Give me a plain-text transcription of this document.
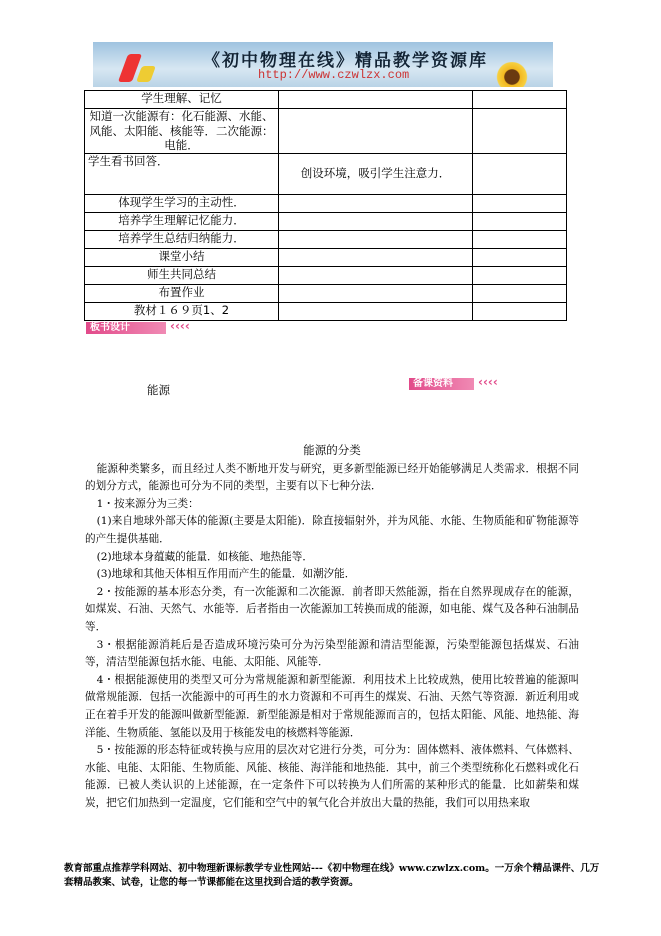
《初中物理在线》精品教学资源库
http://www.czwlzx.com
学生理解、记忆		
知道一次能源有：化石能源、水能、风能、太阳能、核能等．二次能源：电能．		
学生看书回答．	创设环境，吸引学生注意力．	
体现学生学习的主动性．		
培养学生理解记忆能力．		
培养学生总结归纳能力．		
课堂小结		
师生共同总结		
布置作业		
教材１６９页1、2		
板书设计	‹‹‹‹
能源	备课资料	‹‹‹‹
能源的分类

能源种类繁多，而且经过人类不断地开发与研究，更多新型能源已经开始能够满足人类需求．根据不同的划分方式，能源也可分为不同的类型，主要有以下七种分法．

1・按来源分为三类：

(1)来自地球外部天体的能源(主要是太阳能)．除直接辐射外，并为风能、水能、生物质能和矿物能源等的产生提供基础．

(2)地球本身蕴藏的能量．如核能、地热能等．

(3)地球和其他天体相互作用而产生的能量．如潮汐能．

2・按能源的基本形态分类，有一次能源和二次能源．前者即天然能源，指在自然界现成存在的能源，如煤炭、石油、天然气、水能等．后者指由一次能源加工转换而成的能源，如电能、煤气及各种石油制品等．

3・根据能源消耗后是否造成环境污染可分为污染型能源和清洁型能源，污染型能源包括煤炭、石油等，清洁型能源包括水能、电能、太阳能、风能等．

4・根据能源使用的类型又可分为常规能源和新型能源．利用技术上比较成熟，使用比较普遍的能源叫做常规能源．包括一次能源中的可再生的水力资源和不可再生的煤炭、石油、天然气等资源．新近利用或正在着手开发的能源叫做新型能源．新型能源是相对于常规能源而言的，包括太阳能、风能、地热能、海洋能、生物质能、氢能以及用于核能发电的核燃料等能源．

5・按能源的形态特征或转换与应用的层次对它进行分类，可分为：固体燃料、液体燃料、气体燃料、水能、电能、太阳能、生物质能、风能、核能、海洋能和地热能．其中，前三个类型统称化石燃料或化石能源．已被人类认识的上述能源，在一定条件下可以转换为人们所需的某种形式的能量．比如薪柴和煤炭，把它们加热到一定温度，它们能和空气中的氧气化合并放出大量的热能，我们可以用热来取

教育部重点推荐学科网站、初中物理新课标教学专业性网站---《初中物理在线》www.czwlzx.com。一万余个精品课件、几万套精品教案、试卷，让您的每一节课都能在这里找到合适的教学资源。
